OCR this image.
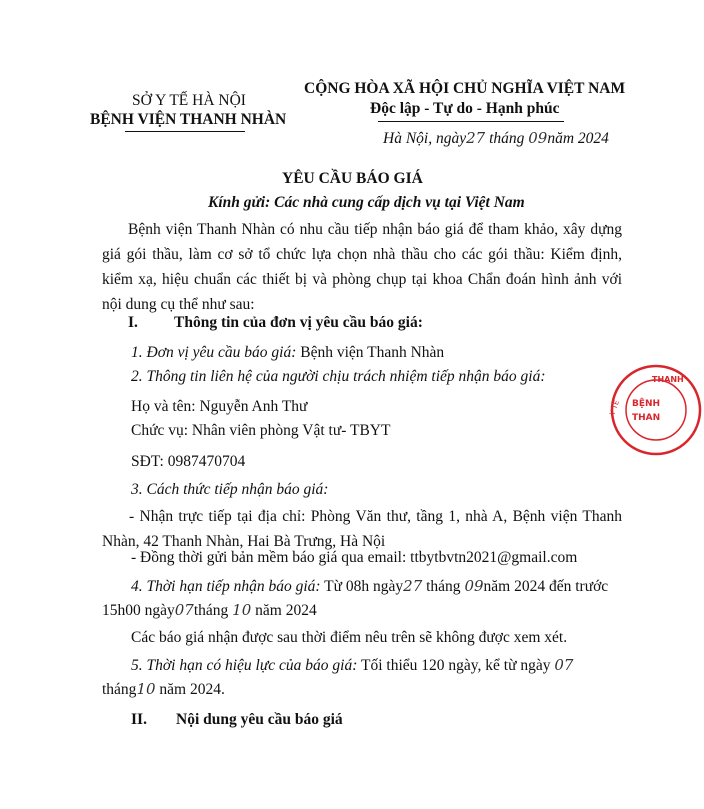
SỞ Y TẾ HÀ NỘI
BỆNH VIỆN THANH NHÀN
CỘNG HÒA XÃ HỘI CHỦ NGHĨA VIỆT NAM
Độc lập - Tự do - Hạnh phúc
Hà Nội, ngày27 tháng 09năm 2024
YÊU CẦU BÁO GIÁ
Kính gửi: Các nhà cung cấp dịch vụ tại Việt Nam
Bệnh viện Thanh Nhàn có nhu cầu tiếp nhận báo giá để tham khảo, xây dựng giá gói thầu, làm cơ sở tổ chức lựa chọn nhà thầu cho các gói thầu: Kiểm định, kiểm xạ, hiệu chuẩn các thiết bị và phòng chụp tại khoa Chẩn đoán hình ảnh với nội dung cụ thể như sau:
I. Thông tin của đơn vị yêu cầu báo giá:
1. Đơn vị yêu cầu báo giá: Bệnh viện Thanh Nhàn
2. Thông tin liên hệ của người chịu trách nhiệm tiếp nhận báo giá:
Họ và tên: Nguyễn Anh Thư
Chức vụ: Nhân viên phòng Vật tư- TBYT
SĐT: 0987470704
3. Cách thức tiếp nhận báo giá:
- Nhận trực tiếp tại địa chỉ: Phòng Văn thư, tầng 1, nhà A, Bệnh viện Thanh Nhàn, 42 Thanh Nhàn, Hai Bà Trưng, Hà Nội
- Đồng thời gửi bản mềm báo giá qua email: ttbytbvtn2021@gmail.com
4. Thời hạn tiếp nhận báo giá: Từ 08h ngày27 tháng 09năm 2024 đến trước
15h00 ngày07tháng 10 năm 2024
Các báo giá nhận được sau thời điểm nêu trên sẽ không được xem xét.
5. Thời hạn có hiệu lực của báo giá: Tối thiểu 120 ngày, kể từ ngày 07
tháng10 năm 2024.
II. Nội dung yêu cầu báo giá
THANH
BỆNH
THAN
Y TẾ
